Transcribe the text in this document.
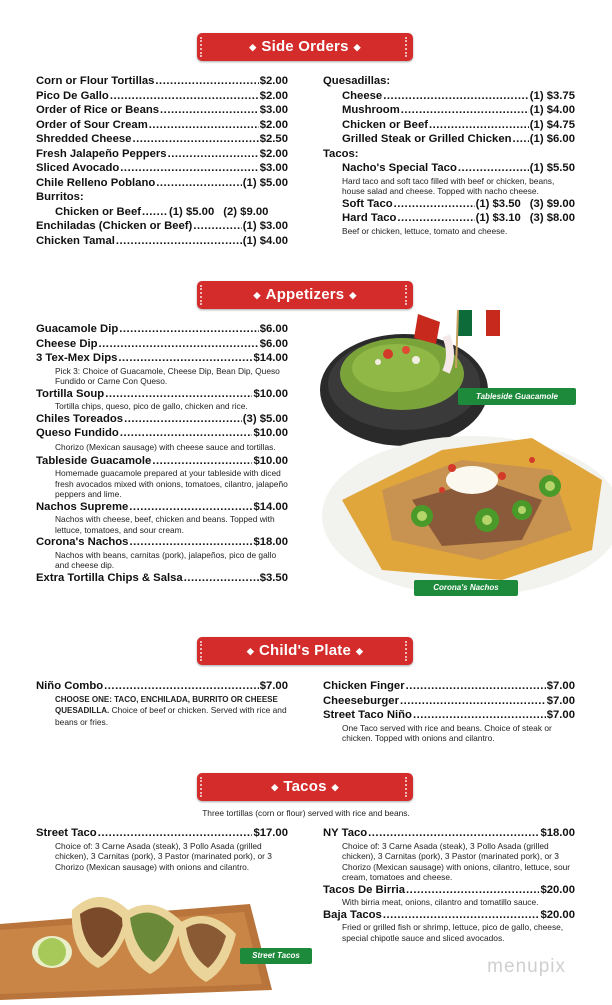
◆ Side Orders ◆
Corn or Flour Tortillas .....	$2.00
Pico De Gallo .....	$2.00
Order of Rice or Beans .....	$3.00
Order of Sour Cream .....	$2.00
Shredded Cheese .....	$2.50
Fresh Jalapeño Peppers .....	$2.00
Sliced Avocado .....	$3.00
Chile Relleno Poblano .....	(1) $5.00
Burritos:
Chicken or Beef ..... (1) $5.00 (2) $9.00
Enchiladas (Chicken or Beef) .....	(1) $3.00
Chicken Tamal .....	(1) $4.00
Quesadillas:
Cheese .....	(1) $3.75
Mushroom .....	(1) $4.00
Chicken or Beef .....	(1) $4.75
Grilled Steak or Grilled Chicken ..... (1) $6.00
Tacos:
Nacho's Special Taco .....	(1) $5.50
Hard taco and soft taco filled with beef or chicken, beans, house salad and cheese. Topped with nacho cheese.
Soft Taco .....	(1) $3.50 (3) $9.00
Hard Taco .....	(1) $3.10 (3) $8.00
Beef or chicken, lettuce, tomato and cheese.
◆ Appetizers ◆
Guacamole Dip .....	$6.00
Cheese Dip .....	$6.00
3 Tex-Mex Dips .....	$14.00
Pick 3: Choice of Guacamole, Cheese Dip, Bean Dip, Queso Fundido or Carne Con Queso.
Tortilla Soup .....	$10.00
Tortilla chips, queso, pico de gallo, chicken and rice.
Chiles Toreados .....	(3) $5.00
Queso Fundido .....	$10.00
Chorizo (Mexican sausage) with cheese sauce and tortillas.
Tableside Guacamole .....	$10.00
Homemade guacamole prepared at your tableside with diced fresh avocados mixed with onions, tomatoes, cilantro, jalapeño peppers and lime.
Nachos Supreme .....	$14.00
Nachos with cheese, beef, chicken and beans. Topped with lettuce, tomatoes, and sour cream.
Corona's Nachos .....	$18.00
Nachos with beans, carnitas (pork), jalapeños, pico de gallo and cheese dip.
Extra Tortilla Chips & Salsa .....	$3.50
Tableside Guacamole
Corona's Nachos
◆ Child's Plate ◆
Niño Combo .....	$7.00
CHOOSE ONE: TACO, ENCHILADA, BURRITO OR CHEESE QUESADILLA. Choice of beef or chicken. Served with rice and beans or fries.
Chicken Finger .....	$7.00
Cheeseburger .....	$7.00
Street Taco Niño .....	$7.00
One Taco served with rice and beans. Choice of steak or chicken. Topped with onions and cilantro.
◆ Tacos ◆
Three tortillas (corn or flour) served with rice and beans.
Street Taco .....	$17.00
Choice of: 3 Carne Asada (steak), 3 Pollo Asada (grilled chicken), 3 Carnitas (pork), 3 Pastor (marinated pork), or 3 Chorizo (Mexican sausage) with onions and cilantro.
NY Taco .....	$18.00
Choice of: 3 Carne Asada (steak), 3 Pollo Asada (grilled chicken), 3 Carnitas (pork), 3 Pastor (marinated pork), or 3 Chorizo (Mexican sausage) with onions, cilantro, lettuce, sour cream, tomatoes and cheese.
Tacos De Birria .....	$20.00
With birria meat, onions, cilantro and tomatillo sauce.
Baja Tacos .....	$20.00
Fried or grilled fish or shrimp, lettuce, pico de gallo, cheese, special chipotle sauce and sliced avocados.
Street Tacos
menupix
